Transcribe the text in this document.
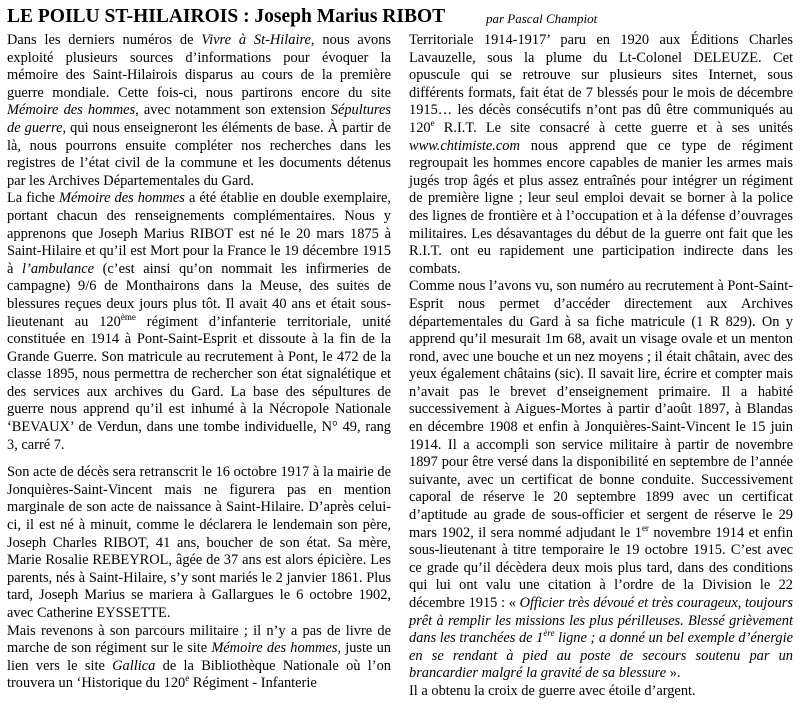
LE POILU ST-HILAIROIS : Joseph Marius RIBOT	par Pascal Champiot

Dans les derniers numéros de Vivre à St-Hilaire, nous avons exploité plusieurs sources d’informations pour évoquer la mémoire des Saint-Hilairois disparus au cours de la première guerre mondiale. Cette fois-ci, nous partirons encore du site Mémoire des hommes, avec notamment son extension Sépultures de guerre, qui nous enseigneront les éléments de base. À partir de là, nous pourrons ensuite compléter nos recherches dans les registres de l’état civil de la commune et les documents détenus par les Archives Départementales du Gard.

La fiche Mémoire des hommes a été établie en double exemplaire, portant chacun des renseignements complémentaires. Nous y apprenons que Joseph Marius RIBOT est né le 20 mars 1875 à Saint-Hilaire et qu’il est Mort pour la France le 19 décembre 1915 à l’ambulance (c’est ainsi qu’on nommait les infirmeries de campagne) 9/6 de Monthairons dans la Meuse, des suites de blessures reçues deux jours plus tôt. Il avait 40 ans et était sous-lieutenant au 120ème régiment d’infanterie territoriale, unité constituée en 1914 à Pont-Saint-Esprit et dissoute à la fin de la Grande Guerre. Son matricule au recrutement à Pont, le 472 de la classe 1895, nous permettra de rechercher son état signalétique et des services aux archives du Gard. La base des sépultures de guerre nous apprend qu’il est inhumé à la Nécropole Nationale ‘BEVAUX’ de Verdun, dans une tombe individuelle, N° 49, rang 3, carré 7.

Son acte de décès sera retranscrit le 16 octobre 1917 à la mairie de Jonquières-Saint-Vincent mais ne figurera pas en mention marginale de son acte de naissance à Saint-Hilaire. D’après celui-ci, il est né à minuit, comme le déclarera le lendemain son père, Joseph Charles RIBOT, 41 ans, boucher de son état. Sa mère, Marie Rosalie REBEYROL, âgée de 37 ans est alors épicière. Les parents, nés à Saint-Hilaire, s’y sont mariés le 2 janvier 1861. Plus tard, Joseph Marius se mariera à Gallargues le 6 octobre 1902, avec Catherine EYSSETTE.

Mais revenons à son parcours militaire ; il n’y a pas de livre de marche de son régiment sur le site Mémoire des hommes, juste un lien vers le site Gallica de la Bibliothèque Nationale où l’on trouvera un ‘Historique du 120e Régiment - Infanterie

Territoriale 1914-1917’ paru en 1920 aux Éditions Charles Lavauzelle, sous la plume du Lt-Colonel DELEUZE. Cet opuscule qui se retrouve sur plusieurs sites Internet, sous différents formats, fait état de 7 blessés pour le mois de décembre 1915… les décès consécutifs n’ont pas dû être communiqués au 120e R.I.T. Le site consacré à cette guerre et à ses unités www.chtimiste.com nous apprend que ce type de régiment regroupait les hommes encore capables de manier les armes mais jugés trop âgés et plus assez entraînés pour intégrer un régiment de première ligne ; leur seul emploi devait se borner à la police des lignes de frontière et à l’occupation et à la défense d’ouvrages militaires. Les désavantages du début de la guerre ont fait que les R.I.T. ont eu rapidement une participation indirecte dans les combats.

Comme nous l’avons vu, son numéro au recrutement à Pont-Saint-Esprit nous permet d’accéder directement aux Archives départementales du Gard à sa fiche matricule (1 R 829). On y apprend qu’il mesurait 1m 68, avait un visage ovale et un menton rond, avec une bouche et un nez moyens ; il était châtain, avec des yeux également châtains (sic). Il savait lire, écrire et compter mais n’avait pas le brevet d’enseignement primaire. Il a habité successivement à Aigues-Mortes à partir d’août 1897, à Blandas en décembre 1908 et enfin à Jonquières-Saint-Vincent le 15 juin 1914. Il a accompli son service militaire à partir de novembre 1897 pour être versé dans la disponibilité en septembre de l’année suivante, avec un certificat de bonne conduite. Successivement caporal de réserve le 20 septembre 1899 avec un certificat d’aptitude au grade de sous-officier et sergent de réserve le 29 mars 1902, il sera nommé adjudant le 1er novembre 1914 et enfin sous-lieutenant à titre temporaire le 19 octobre 1915. C’est avec ce grade qu’il décèdera deux mois plus tard, dans des conditions qui lui ont valu une citation à l’ordre de la Division le 22 décembre 1915 : « Officier très dévoué et très courageux, toujours prêt à remplir les missions les plus périlleuses. Blessé grièvement dans les tranchées de 1ère ligne ; a donné un bel exemple d’énergie en se rendant à pied au poste de secours soutenu par un brancardier malgré la gravité de sa blessure ».

Il a obtenu la croix de guerre avec étoile d’argent.
